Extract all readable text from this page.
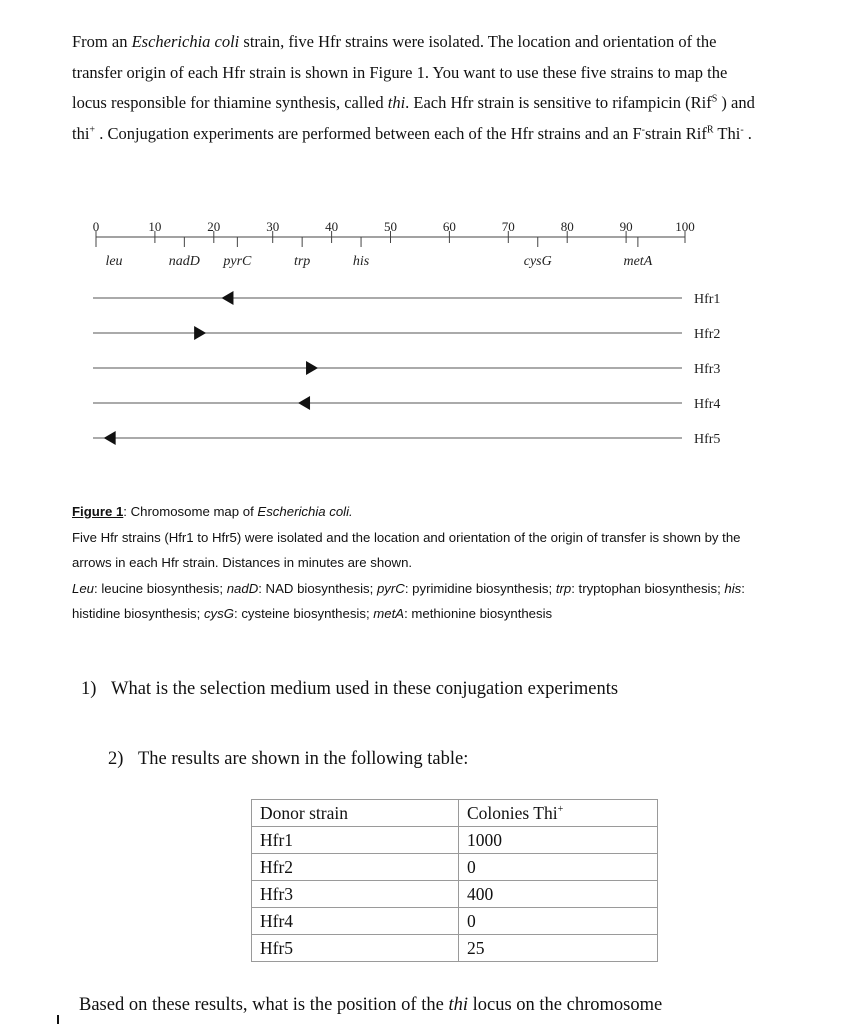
From an Escherichia coli strain, five Hfr strains were isolated. The location and orientation of the transfer origin of each Hfr strain is shown in Figure 1. You want to use these five strains to map the locus responsible for thiamine synthesis, called thi. Each Hfr strain is sensitive to rifampicin (Rif$^S$ ) and thi+ . Conjugation experiments are performed between each of the Hfr strains and an F-strain Rif$^R$ Thi- .

0	10	20	30	40	50	60	70	80	90	100
leu	nadD pyrC	trp	his	cysG	metA
Hfr1
Hfr2
Hfr3
Hfr4
Hfr5

Figure 1: Chromosome map of Escherichia coli.

Five Hfr strains (Hfr1 to Hfr5) were isolated and the location and orientation of the origin of transfer is shown by the arrows in each Hfr strain. Distances in minutes are shown.

Leu: leucine biosynthesis; nadD: NAD biosynthesis; pyrC: pyrimidine biosynthesis; trp: tryptophan biosynthesis; his: histidine biosynthesis; cysG: cysteine biosynthesis; metA: methionine biosynthesis

1) What is the selection medium used in these conjugation experiments
2) The results are shown in the following table:
Donor strain	Colonies Thi+
Hfr1	1000
Hfr2	0
Hfr3	400
Hfr4	0
Hfr5	25
Based on these results, what is the position of the thi locus on the chromosome
